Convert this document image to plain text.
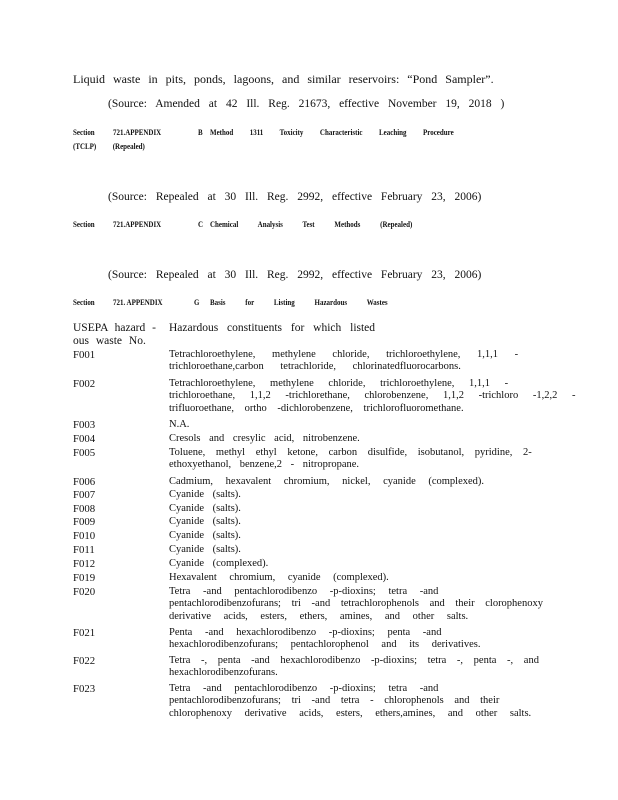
Liquid waste in pits, ponds, lagoons, and similar reservoirs: “Pond Sampler”.
(Source: Amended at 42 Ill. Reg. 21673, effective November 19, 2018 )
Section 721.APPENDIX	B Method 1311 Toxicity Characteristic Leaching Procedure
(TCLP) (Repealed)
(Source: Repealed at 30 Ill. Reg. 2992, effective February 23, 2006)
Section 721.APPENDIX	C Chemical Analysis Test Methods (Repealed)
(Source: Repealed at 30 Ill. Reg. 2992, effective February 23, 2006)
Section 721. APPENDIX	G Basis for Listing Hazardous Wastes
USEPA hazard -
ous waste No.
Hazardous constituents for which listed
F001	Tetrachloroethylene, methylene chloride, trichloroethylene, 1,1,1 -
trichloroethane,carbon tetrachloride, chlorinatedfluorocarbons.
F002	Tetrachloroethylene, methylene chloride, trichloroethylene, 1,1,1 -
trichloroethane, 1,1,2 -trichlorethane, chlorobenzene, 1,1,2 -trichloro -1,2,2 -
trifluoroethane, ortho -dichlorobenzene, trichlorofluoromethane.
F003	N.A.
F004	Cresols and cresylic acid, nitrobenzene.
F005	Toluene, methyl ethyl ketone, carbon disulfide, isobutanol, pyridine, 2-
ethoxyethanol, benzene,2 - nitropropane.
F006	Cadmium, hexavalent chromium, nickel, cyanide (complexed).
F007	Cyanide (salts).
F008	Cyanide (salts).
F009	Cyanide (salts).
F010	Cyanide (salts).
F011	Cyanide (salts).
F012	Cyanide (complexed).
F019	Hexavalent chromium, cyanide (complexed).
F020	Tetra -and pentachlorodibenzo -p-dioxins; tetra -and
pentachlorodibenzofurans; tri -and tetrachlorophenols and their clorophenoxy
derivative acids, esters, ethers, amines, and other salts.
F021	Penta -and hexachlorodibenzo -p-dioxins; penta -and
hexachlorodibenzofurans; pentachlorophenol and its derivatives.
F022	Tetra -, penta -and hexachlorodibenzo -p-dioxins; tetra -, penta -, and
hexachlorodibenzofurans.
F023	Tetra -and pentachlorodibenzo -p-dioxins; tetra -and
pentachlorodibenzofurans; tri -and tetra - chlorophenols and their
chlorophenoxy derivative acids, esters, ethers,amines, and other salts.
